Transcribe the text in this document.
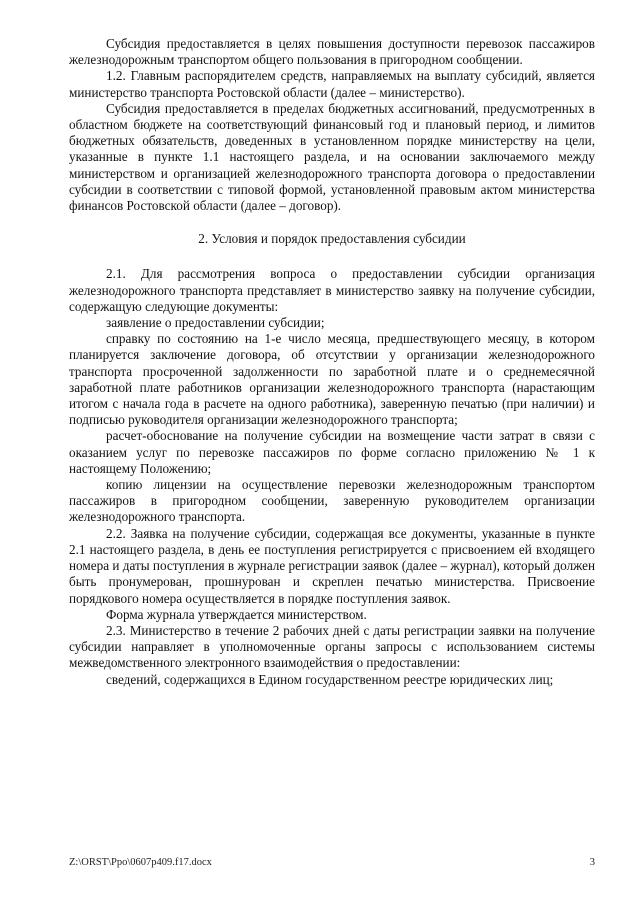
Субсидия предоставляется в целях повышения доступности перевозок пассажиров железнодорожным транспортом общего пользования в пригородном сообщении.

1.2. Главным распорядителем средств, направляемых на выплату субсидий, является министерство транспорта Ростовской области (далее – министерство).

Субсидия предоставляется в пределах бюджетных ассигнований, предусмотренных в областном бюджете на соответствующий финансовый год и плановый период, и лимитов бюджетных обязательств, доведенных в установленном порядке министерству на цели, указанные в пункте 1.1 настоящего раздела, и на основании заключаемого между министерством и организацией железнодорожного транспорта договора о предоставлении субсидии в соответствии с типовой формой, установленной правовым актом министерства финансов Ростовской области (далее – договор).

2. Условия и порядок предоставления субсидии

2.1. Для рассмотрения вопроса о предоставлении субсидии организация железнодорожного транспорта представляет в министерство заявку на получение субсидии, содержащую следующие документы:

заявление о предоставлении субсидии;

справку по состоянию на 1-е число месяца, предшествующего месяцу, в котором планируется заключение договора, об отсутствии у организации железнодорожного транспорта просроченной задолженности по заработной плате и о среднемесячной заработной плате работников организации железнодорожного транспорта (нарастающим итогом с начала года в расчете на одного работника), заверенную печатью (при наличии) и подписью руководителя организации железнодорожного транспорта;

расчет-обоснование на получение субсидии на возмещение части затрат в связи с оказанием услуг по перевозке пассажиров по форме согласно приложению № 1 к настоящему Положению;

копию лицензии на осуществление перевозки железнодорожным транспортом пассажиров в пригородном сообщении, заверенную руководителем организации железнодорожного транспорта.

2.2. Заявка на получение субсидии, содержащая все документы, указанные в пункте 2.1 настоящего раздела, в день ее поступления регистрируется с присвоением ей входящего номера и даты поступления в журнале регистрации заявок (далее – журнал), который должен быть пронумерован, прошнурован и скреплен печатью министерства. Присвоение порядкового номера осуществляется в порядке поступления заявок.

Форма журнала утверждается министерством.

2.3. Министерство в течение 2 рабочих дней с даты регистрации заявки на получение субсидии направляет в уполномоченные органы запросы с использованием системы межведомственного электронного взаимодействия о предоставлении:

сведений, содержащихся в Едином государственном реестре юридических лиц;

Z:\ORST\Ppo\0607p409.f17.docx	3
